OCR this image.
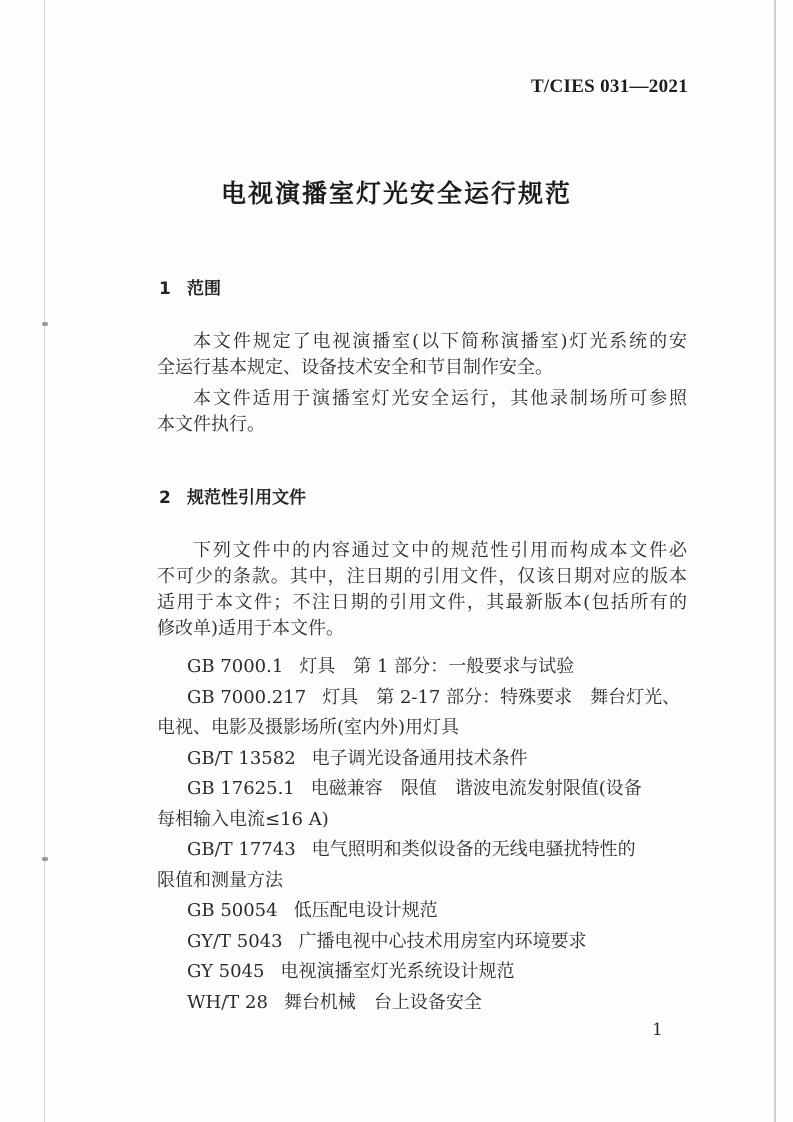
T/CIES 031—2021
电视演播室灯光安全运行规范
1 范围
本文件规定了电视演播室(以下简称演播室)灯光系统的安
全运行基本规定、设备技术安全和节目制作安全。
本文件适用于演播室灯光安全运行，其他录制场所可参照
本文件执行。
2 规范性引用文件
下列文件中的内容通过文中的规范性引用而构成本文件必
不可少的条款。其中，注日期的引用文件，仅该日期对应的版本
适用于本文件；不注日期的引用文件，其最新版本(包括所有的
修改单)适用于本文件。
GB 7000.1 灯具　第 1 部分：一般要求与试验
GB 7000.217 灯具　第 2-17 部分：特殊要求　舞台灯光、
电视、电影及摄影场所(室内外)用灯具
GB/T 13582 电子调光设备通用技术条件
GB 17625.1 电磁兼容　限值　谐波电流发射限值(设备
每相输入电流≤16 A)
GB/T 17743 电气照明和类似设备的无线电骚扰特性的
限值和测量方法
GB 50054 低压配电设计规范
GY/T 5043 广播电视中心技术用房室内环境要求
GY 5045 电视演播室灯光系统设计规范
WH/T 28 舞台机械　台上设备安全
1
